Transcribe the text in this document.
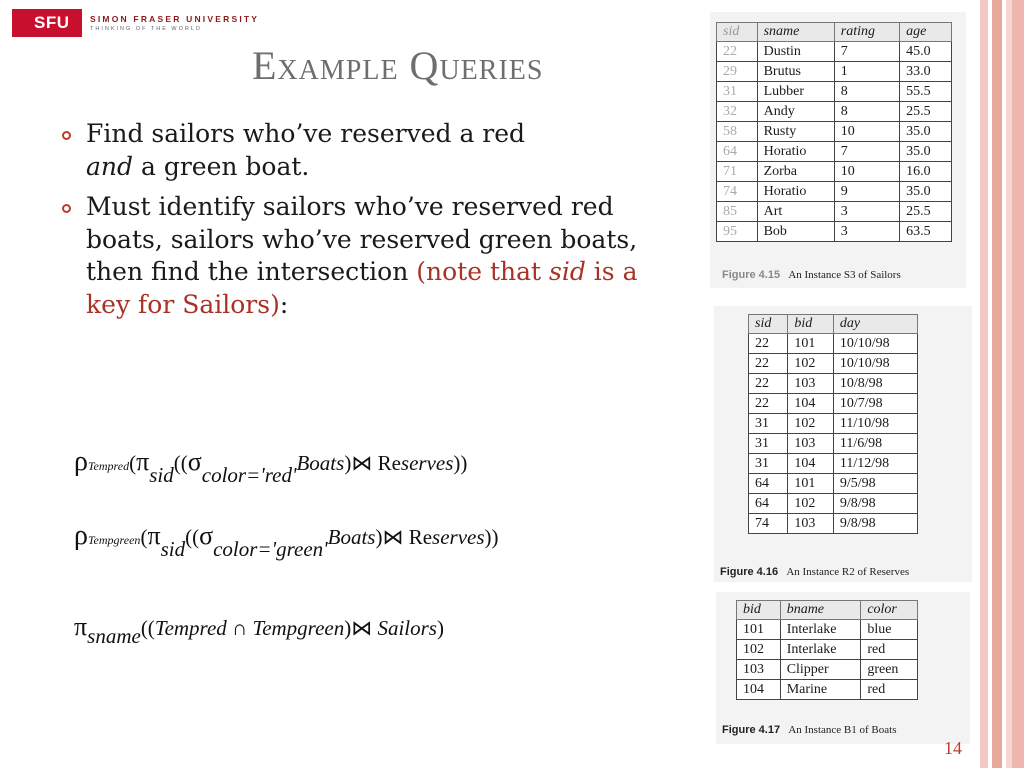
SFU	SIMON FRASER UNIVERSITY
THINKING OF THE WORLD
Example Queries
Find sailors who’ve reserved a red
and a green boat.
Must identify sailors who’ve reserved red boats, sailors who’ve reserved green boats, then find the intersection (note that sid is a key for Sailors):
ρTempred(πsid((σcolor='red'Boats)⋈ Reserves))
ρTempgreen(πsid((σcolor='green'Boats)⋈ Reserves))
πsname((Tempred ∩ Tempgreen)⋈ Sailors)
sid	sname	rating	age
22	Dustin	7	45.0
29	Brutus	1	33.0
31	Lubber	8	55.5
32	Andy	8	25.5
58	Rusty	10	35.0
64	Horatio	7	35.0
71	Zorba	10	16.0
74	Horatio	9	35.0
85	Art	3	25.5
95	Bob	3	63.5
Figure 4.15 An Instance S3 of Sailors
sid	bid	day
22	101	10/10/98
22	102	10/10/98
22	103	10/8/98
22	104	10/7/98
31	102	11/10/98
31	103	11/6/98
31	104	11/12/98
64	101	9/5/98
64	102	9/8/98
74	103	9/8/98
Figure 4.16 An Instance R2 of Reserves
bid	bname	color
101	Interlake	blue
102	Interlake	red
103	Clipper	green
104	Marine	red
Figure 4.17 An Instance B1 of Boats
14
